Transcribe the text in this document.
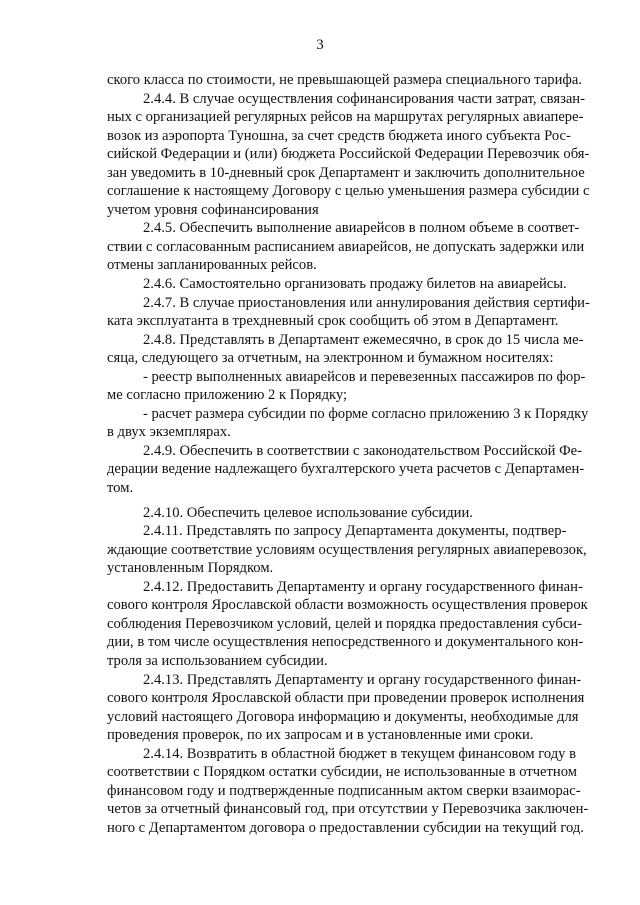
3
ского класса по стоимости, не превышающей размера специального тарифа.
2.4.4. В случае осуществления софинансирования части затрат, связан-
ных с организацией регулярных рейсов на маршрутах регулярных авиапере-
возок из аэропорта Туношна, за счет средств бюджета иного субъекта Рос-
сийской Федерации и (или) бюджета Российской Федерации Перевозчик обя-
зан уведомить в 10-дневный срок Департамент и заключить дополнительное
соглашение к настоящему Договору с целью уменьшения размера субсидии с
учетом уровня софинансирования
2.4.5. Обеспечить выполнение авиарейсов в полном объеме в соответ-
ствии с согласованным расписанием авиарейсов, не допускать задержки или
отмены запланированных рейсов.
2.4.6. Самостоятельно организовать продажу билетов на авиарейсы.
2.4.7. В случае приостановления или аннулирования действия сертифи-
ката эксплуатанта в трехдневный срок сообщить об этом в Департамент.
2.4.8. Представлять в Департамент ежемесячно, в срок до 15 числа ме-
сяца, следующего за отчетным, на электронном и бумажном носителях:
- реестр выполненных авиарейсов и перевезенных пассажиров по фор-
ме согласно приложению 2 к Порядку;
- расчет размера субсидии по форме согласно приложению 3 к Порядку
в двух экземплярах.
2.4.9. Обеспечить в соответствии с законодательством Российской Фе-
дерации ведение надлежащего бухгалтерского учета расчетов с Департамен-
том.
2.4.10. Обеспечить целевое использование субсидии.
2.4.11. Представлять по запросу Департамента документы, подтвер-
ждающие соответствие условиям осуществления регулярных авиаперевозок,
установленным Порядком.
2.4.12. Предоставить Департаменту и органу государственного финан-
сового контроля Ярославской области возможность осуществления проверок
соблюдения Перевозчиком условий, целей и порядка предоставления субси-
дии, в том числе осуществления непосредственного и документального кон-
троля за использованием субсидии.
2.4.13. Представлять Департаменту и органу государственного финан-
сового контроля Ярославской области при проведении проверок исполнения
условий настоящего Договора информацию и документы, необходимые для
проведения проверок, по их запросам и в установленные ими сроки.
2.4.14. Возвратить в областной бюджет в текущем финансовом году в
соответствии с Порядком остатки субсидии, не использованные в отчетном
финансовом году и подтвержденные подписанным актом сверки взаиморас-
четов за отчетный финансовый год, при отсутствии у Перевозчика заключен-
ного с Департаментом договора о предоставлении субсидии на текущий год.
